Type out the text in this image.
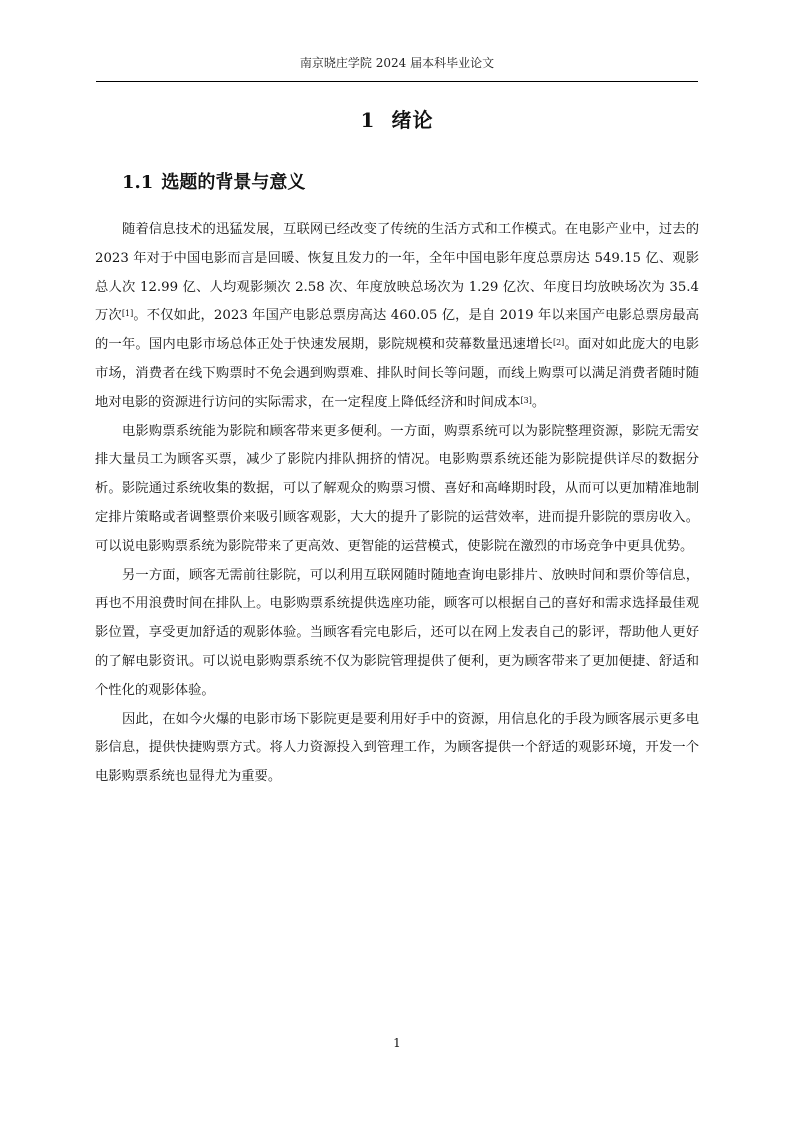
南京晓庄学院 2024 届本科毕业论文
1 绪论
1.1 选题的背景与意义

随着信息技术的迅猛发展，互联网已经改变了传统的生活方式和工作模式。在电影产业中，过去的 2023 年对于中国电影而言是回暖、恢复且发力的一年，全年中国电影年度总票房达 549.15 亿、观影总人次 12.99 亿、人均观影频次 2.58 次、年度放映总场次为 1.29 亿次、年度日均放映场次为 35.4 万次[1]。不仅如此，2023 年国产电影总票房高达 460.05 亿，是自 2019 年以来国产电影总票房最高的一年。国内电影市场总体正处于快速发展期，影院规模和荧幕数量迅速增长[2]。面对如此庞大的电影市场，消费者在线下购票时不免会遇到购票难、排队时间长等问题，而线上购票可以满足消费者随时随地对电影的资源进行访问的实际需求，在一定程度上降低经济和时间成本[3]。

电影购票系统能为影院和顾客带来更多便利。一方面，购票系统可以为影院整理资源，影院无需安排大量员工为顾客买票，减少了影院内排队拥挤的情况。电影购票系统还能为影院提供详尽的数据分析。影院通过系统收集的数据，可以了解观众的购票习惯、喜好和高峰期时段，从而可以更加精准地制定排片策略或者调整票价来吸引顾客观影，大大的提升了影院的运营效率，进而提升影院的票房收入。可以说电影购票系统为影院带来了更高效、更智能的运营模式，使影院在激烈的市场竞争中更具优势。

另一方面，顾客无需前往影院，可以利用互联网随时随地查询电影排片、放映时间和票价等信息，再也不用浪费时间在排队上。电影购票系统提供选座功能，顾客可以根据自己的喜好和需求选择最佳观影位置，享受更加舒适的观影体验。当顾客看完电影后，还可以在网上发表自己的影评，帮助他人更好的了解电影资讯。可以说电影购票系统不仅为影院管理提供了便利，更为顾客带来了更加便捷、舒适和个性化的观影体验。

因此，在如今火爆的电影市场下影院更是要利用好手中的资源，用信息化的手段为顾客展示更多电影信息，提供快捷购票方式。将人力资源投入到管理工作，为顾客提供一个舒适的观影环境，开发一个电影购票系统也显得尤为重要。

1
